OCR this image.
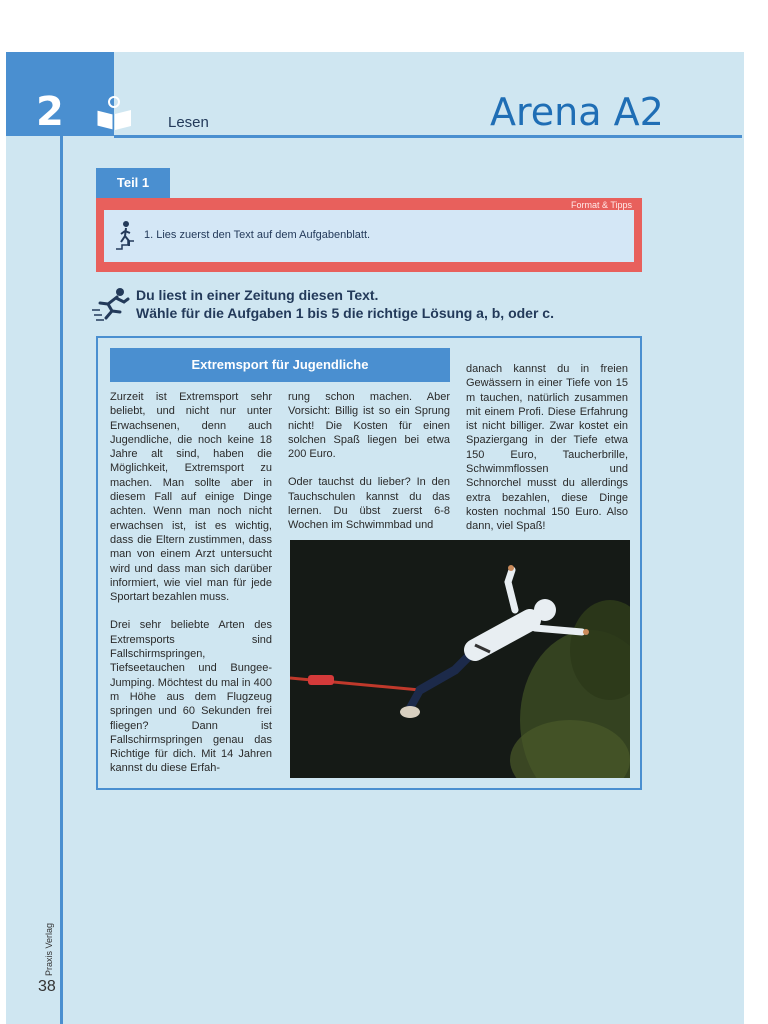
2	Lesen	Arena A2
Praxis Verlag
38
Teil 1
Format & Tipps
1. Lies zuerst den Text auf dem Aufgabenblatt.
Du liest in einer Zeitung diesen Text.
Wähle für die Aufgaben 1 bis 5 die richtige Lösung a, b, oder c.
Extremsport für Jugendliche

Zurzeit ist Extremsport sehr beliebt, und nicht nur unter Erwachsenen, denn auch Jugendliche, die noch keine 18 Jahre alt sind, haben die Möglichkeit, Extremsport zu machen. Man sollte aber in diesem Fall auf einige Dinge achten. Wenn man noch nicht erwachsen ist, ist es wichtig, dass die Eltern zustimmen, dass man von einem Arzt untersucht wird und dass man sich darüber informiert, wie viel man für jede Sportart bezahlen muss.

Drei sehr beliebte Arten des Extremsports sind Fallschirmspringen, Tiefseetauchen und Bungee-Jumping. Möchtest du mal in 400 m Höhe aus dem Flugzeug springen und 60 Sekunden frei fliegen? Dann ist Fallschirmspringen genau das Richtige für dich. Mit 14 Jahren kannst du diese Erfah-

rung schon machen. Aber Vorsicht: Billig ist so ein Sprung nicht! Die Kosten für einen solchen Spaß liegen bei etwa 200 Euro.

Oder tauchst du lieber? In den Tauchschulen kannst du das lernen. Du übst zuerst 6-8 Wochen im Schwimmbad und

danach kannst du in freien Gewässern in einer Tiefe von 15 m tauchen, natürlich zusammen mit einem Profi. Diese Erfahrung ist nicht billiger. Zwar kostet ein Spaziergang in der Tiefe etwa 150 Euro, Taucherbrille, Schwimmflossen und Schnorchel musst du allerdings extra bezahlen, diese Dinge kosten nochmal 150 Euro. Also dann, viel Spaß!
